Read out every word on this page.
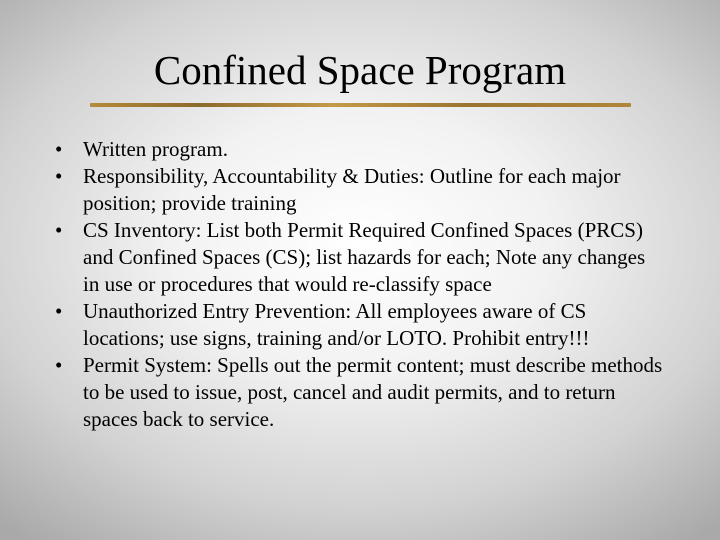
Confined Space Program
• Written program.
• Responsibility, Accountability & Duties: Outline for each major position; provide training
• CS Inventory: List both Permit Required Confined Spaces (PRCS) and Confined Spaces (CS); list hazards for each; Note any changes in use or procedures that would re-classify space
• Unauthorized Entry Prevention: All employees aware of CS locations; use signs, training and/or LOTO. Prohibit entry!!!
• Permit System: Spells out the permit content; must describe methods to be used to issue, post, cancel and audit permits, and to return spaces back to service.
